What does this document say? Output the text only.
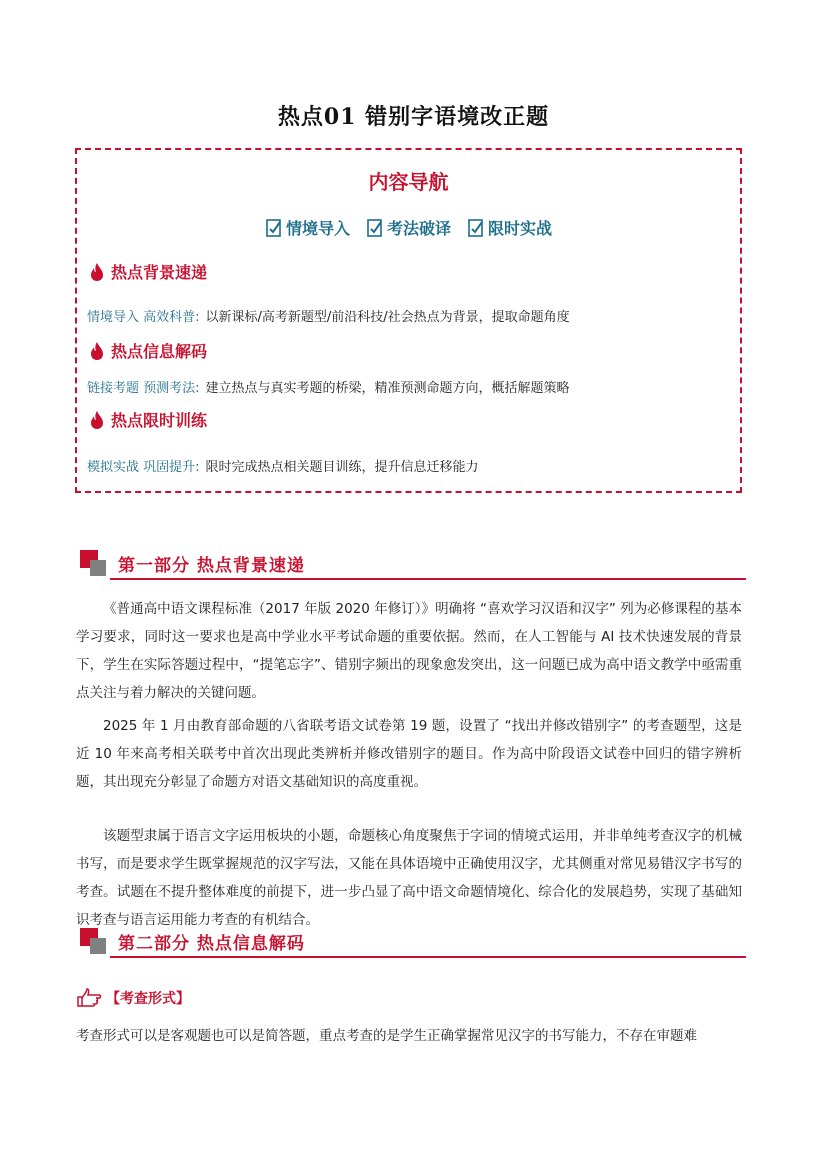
热点01 错别字语境改正题
内容导航
情境导入 考法破译 限时实战
热点背景速递
情境导入 高效科普: 以新课标/高考新题型/前沿科技/社会热点为背景，提取命题角度
热点信息解码
链接考题 预测考法: 建立热点与真实考题的桥梁，精准预测命题方向，概括解题策略
热点限时训练
模拟实战 巩固提升: 限时完成热点相关题目训练，提升信息迁移能力
第一部分 热点背景速递

《普通高中语文课程标准（2017 年版 2020 年修订）》明确将 “喜欢学习汉语和汉字” 列为必修课程的基本学习要求，同时这一要求也是高中学业水平考试命题的重要依据。然而，在人工智能与 AI 技术快速发展的背景下，学生在实际答题过程中，“提笔忘字”、错别字频出的现象愈发突出，这一问题已成为高中语文教学中亟需重点关注与着力解决的关键问题。

2025 年 1 月由教育部命题的八省联考语文试卷第 19 题，设置了 “找出并修改错别字” 的考查题型，这是近 10 年来高考相关联考中首次出现此类辨析并修改错别字的题目。作为高中阶段语文试卷中回归的错字辨析题，其出现充分彰显了命题方对语文基础知识的高度重视。

该题型隶属于语言文字运用板块的小题，命题核心角度聚焦于字词的情境式运用，并非单纯考查汉字的机械书写，而是要求学生既掌握规范的汉字写法，又能在具体语境中正确使用汉字，尤其侧重对常见易错汉字书写的考查。试题在不提升整体难度的前提下，进一步凸显了高中语文命题情境化、综合化的发展趋势，实现了基础知识考查与语言运用能力考查的有机结合。

第二部分 热点信息解码
【考查形式】
考查形式可以是客观题也可以是简答题，重点考查的是学生正确掌握常见汉字的书写能力，不存在审题难
